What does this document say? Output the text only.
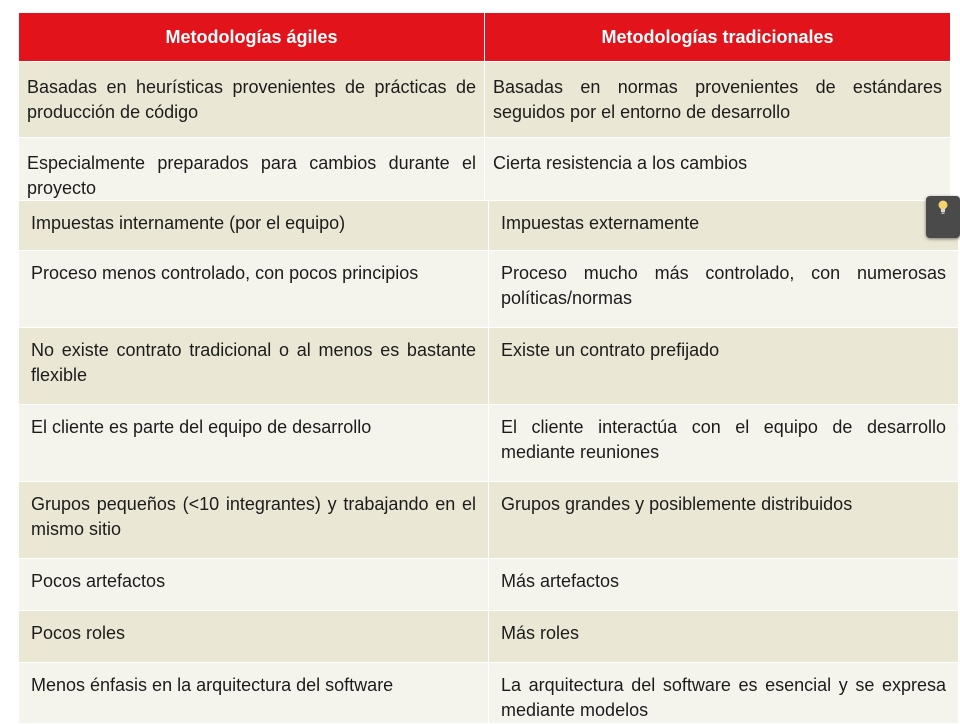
Metodologías ágiles	Metodologías tradicionales
Basadas en heurísticas provenientes de prácticas de producción de código	Basadas en normas provenientes de estándares seguidos por el entorno de desarrollo
Especialmente preparados para cambios durante el proyecto	Cierta resistencia a los cambios
Impuestas internamente (por el equipo)	Impuestas externamente
Proceso menos controlado, con pocos principios	Proceso mucho más controlado, con numerosas políticas/normas
No existe contrato tradicional o al menos es bastante flexible	Existe un contrato prefijado
El cliente es parte del equipo de desarrollo	El cliente interactúa con el equipo de desarrollo mediante reuniones
Grupos pequeños (<10 integrantes) y trabajando en el mismo sitio	Grupos grandes y posiblemente distribuidos
Pocos artefactos	Más artefactos
Pocos roles	Más roles
Menos énfasis en la arquitectura del software	La arquitectura del software es esencial y se expresa mediante modelos
